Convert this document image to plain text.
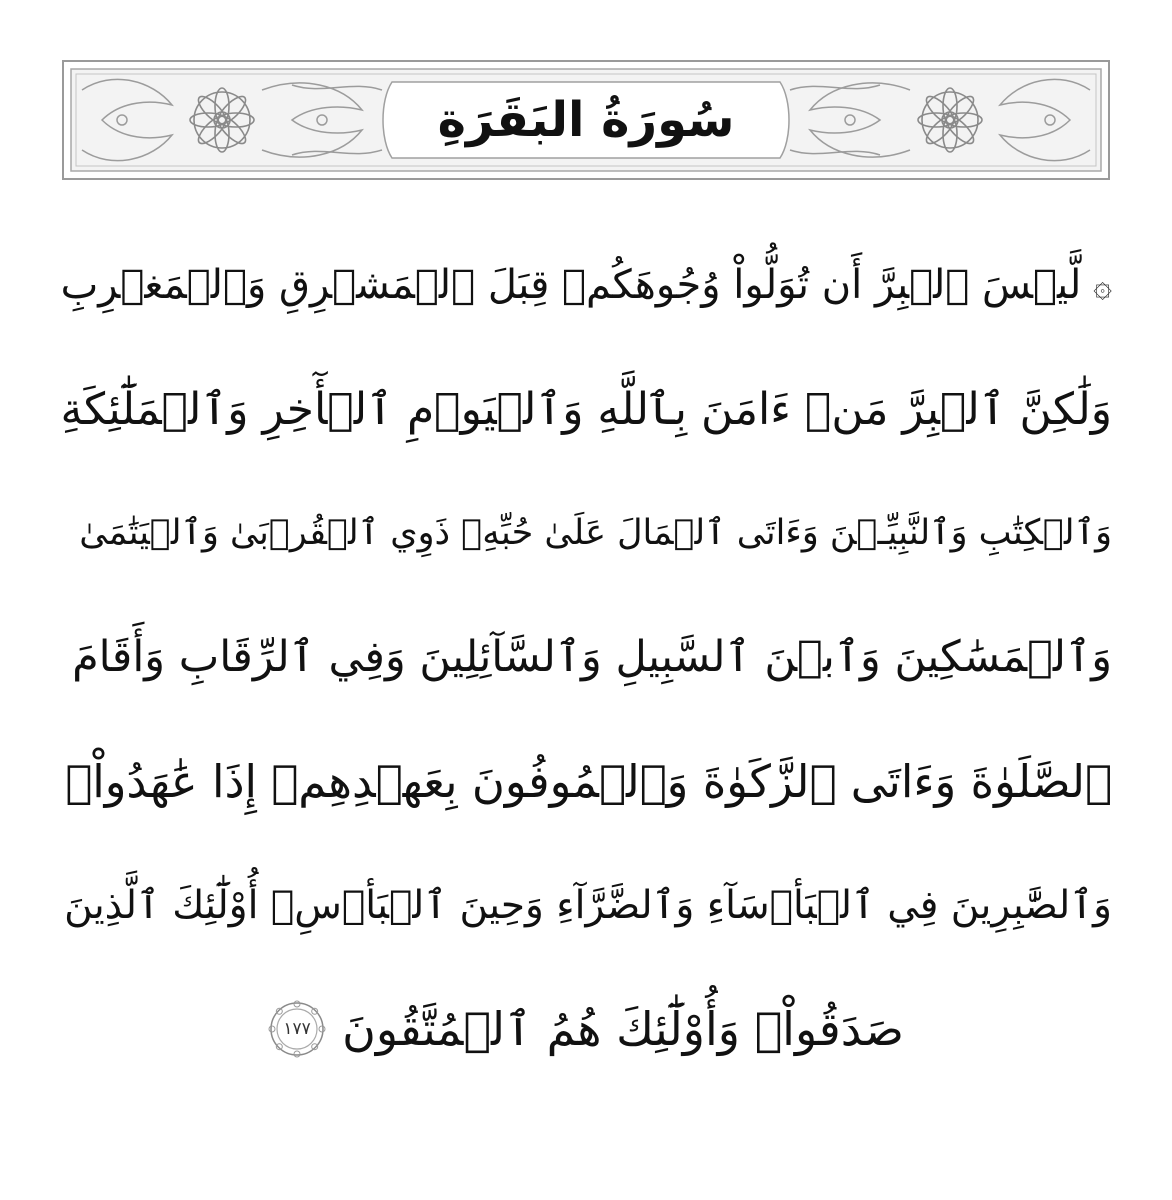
سُورَةُ البَقَرَةِ
۞
لَّيۡسَ ٱلۡبِرَّ أَن تُوَلُّواْ وُجُوهَكُمۡ قِبَلَ ٱلۡمَشۡرِقِ وَٱلۡمَغۡرِبِ
وَلَٰكِنَّ ٱلۡبِرَّ مَنۡ ءَامَنَ بِٱللَّهِ وَٱلۡيَوۡمِ ٱلۡأٓخِرِ وَٱلۡمَلَٰٓئِكَةِ
وَٱلۡكِتَٰبِ وَٱلنَّبِيِّـۧنَ وَءَاتَى ٱلۡمَالَ عَلَىٰ حُبِّهِۦ ذَوِي ٱلۡقُرۡبَىٰ وَٱلۡيَتَٰمَىٰ
وَٱلۡمَسَٰكِينَ وَٱبۡنَ ٱلسَّبِيلِ وَٱلسَّآئِلِينَ وَفِي ٱلرِّقَابِ وَأَقَامَ
ٱلصَّلَوٰةَ وَءَاتَى ٱلزَّكَوٰةَ وَٱلۡمُوفُونَ بِعَهۡدِهِمۡ إِذَا عَٰهَدُواْۖ
وَٱلصَّٰبِرِينَ فِي ٱلۡبَأۡسَآءِ وَٱلضَّرَّآءِ وَحِينَ ٱلۡبَأۡسِۗ أُوْلَٰٓئِكَ ٱلَّذِينَ
صَدَقُواْۖ وَأُوْلَٰٓئِكَ هُمُ ٱلۡمُتَّقُونَ
١٧٧
